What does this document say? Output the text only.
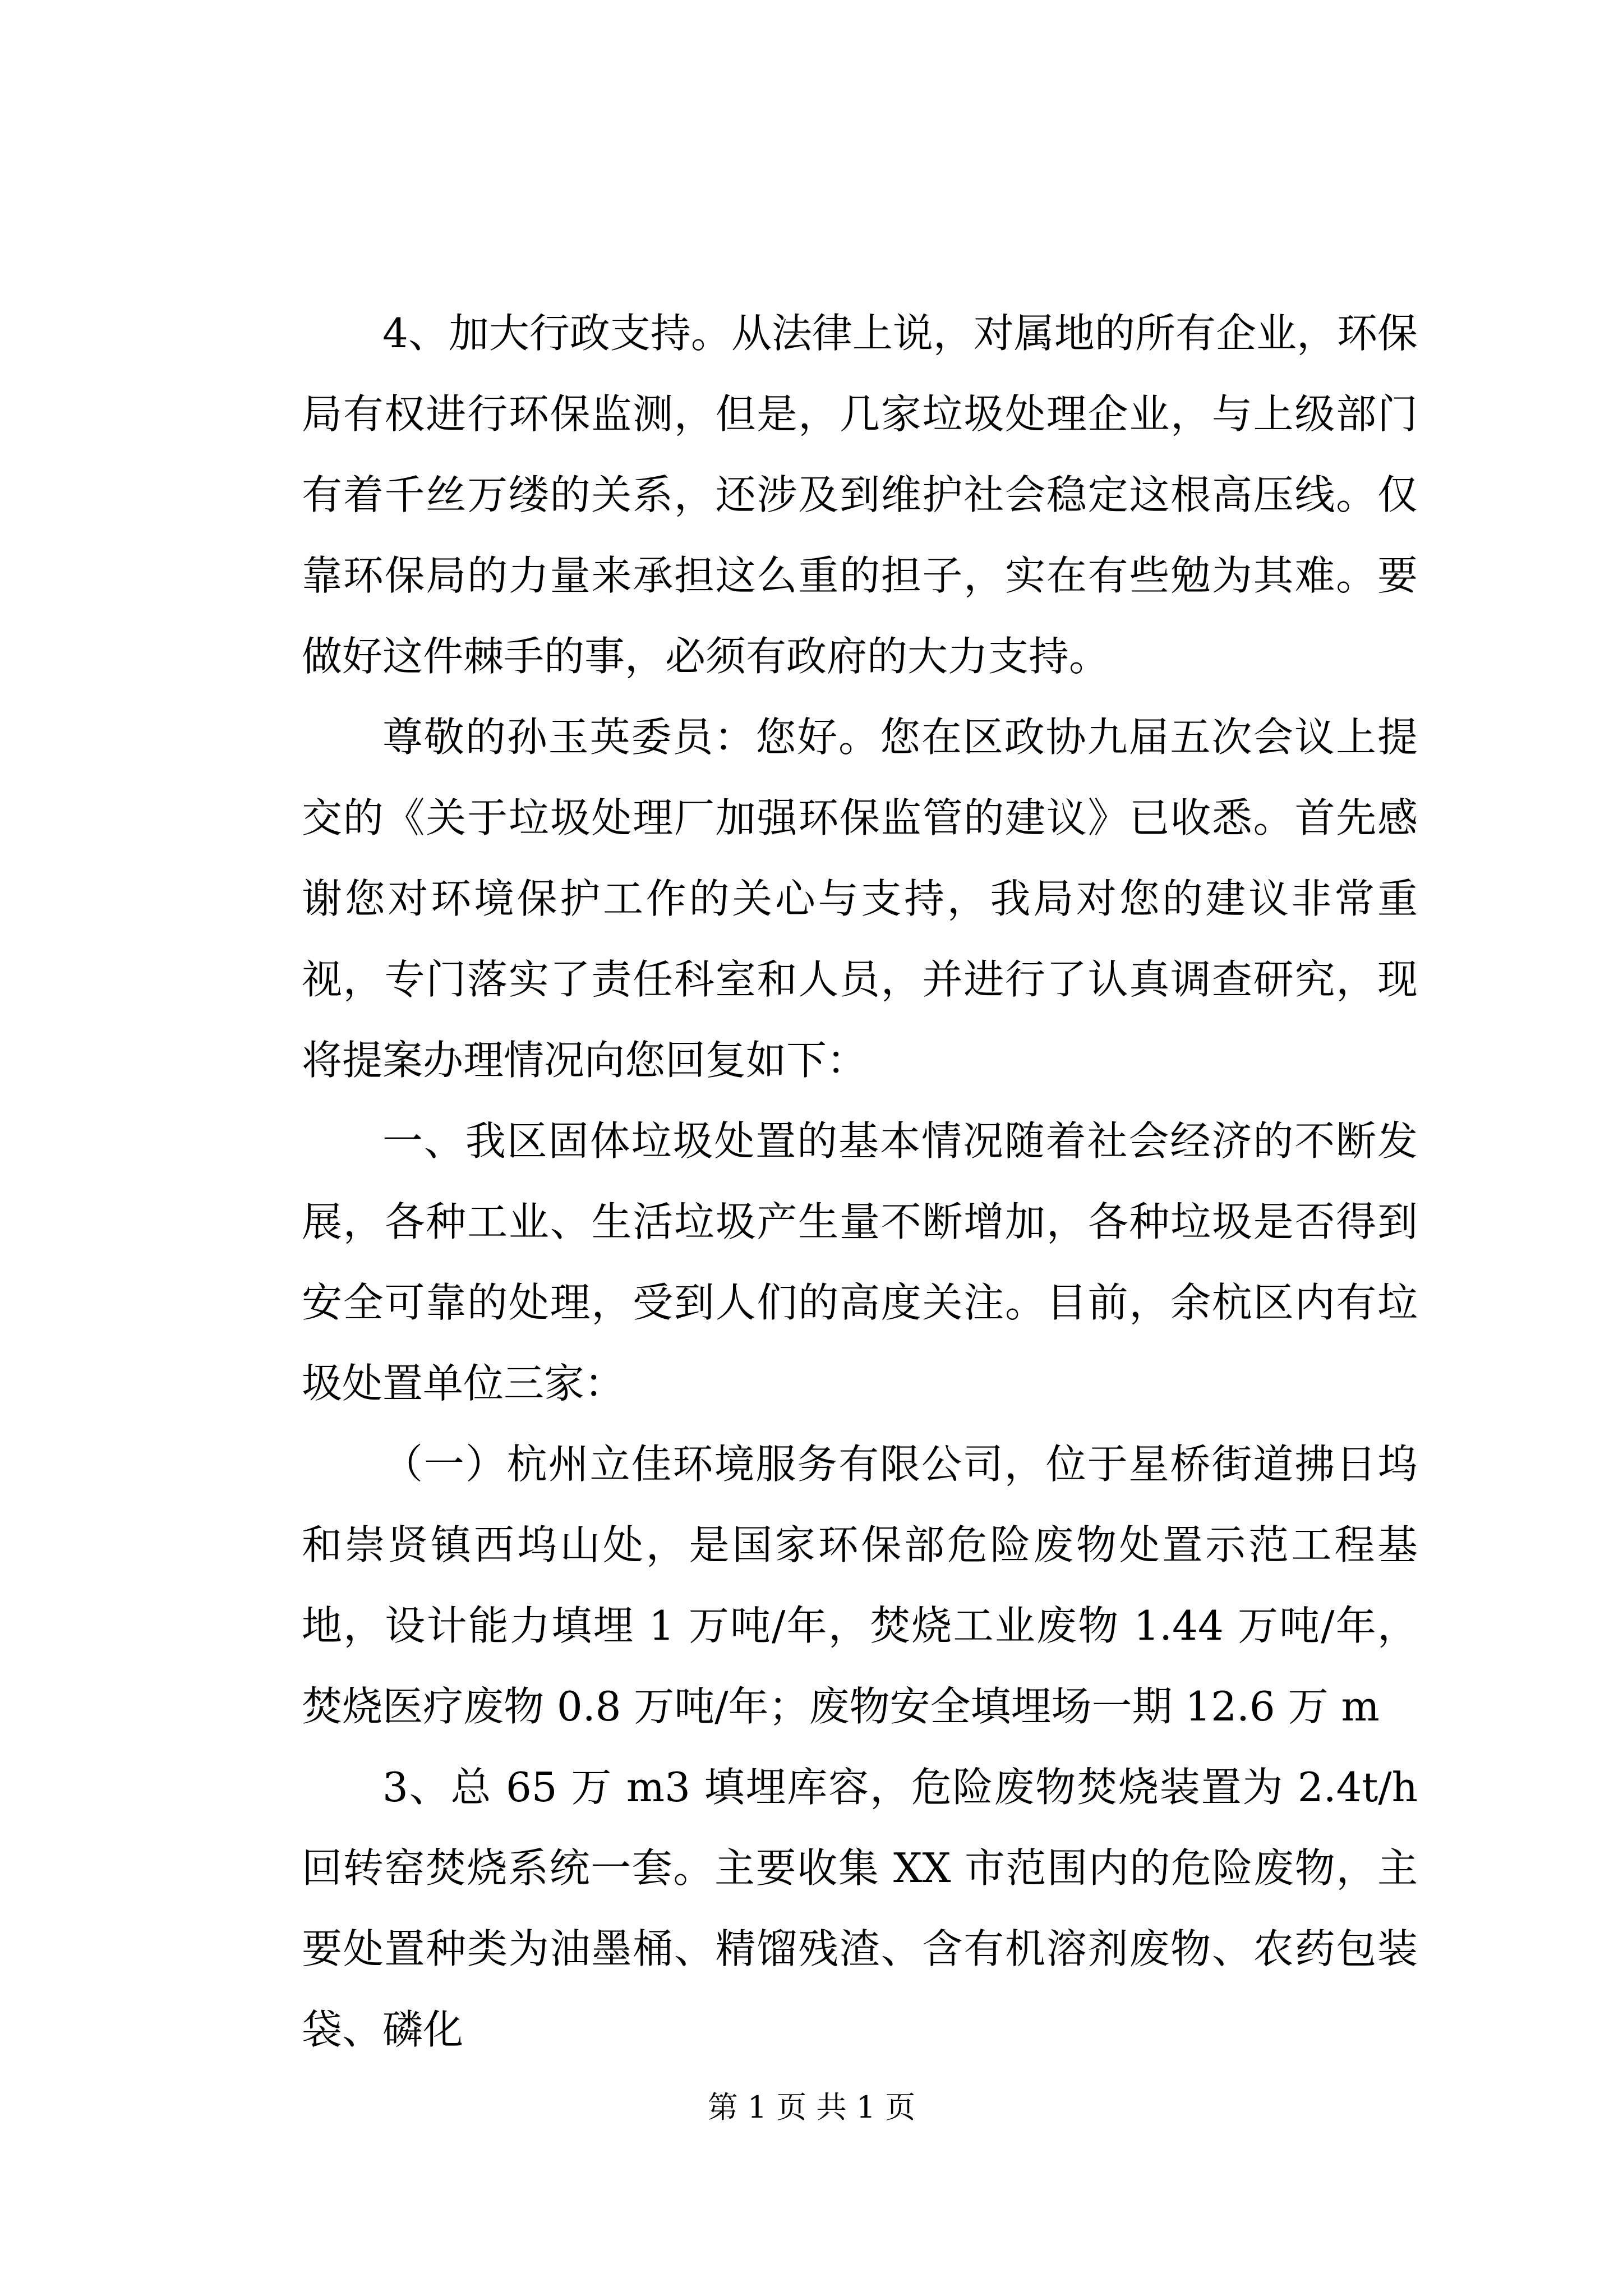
4、加大行政支持。从法律上说，对属地的所有企业，环保局有权进行环保监测，但是，几家垃圾处理企业，与上级部门有着千丝万缕的关系，还涉及到维护社会稳定这根高压线。仅靠环保局的力量来承担这么重的担子，实在有些勉为其难。要做好这件棘手的事，必须有政府的大力支持。

尊敬的孙玉英委员：您好。您在区政协九届五次会议上提交的《关于垃圾处理厂加强环保监管的建议》已收悉。首先感谢您对环境保护工作的关心与支持，我局对您的建议非常重视，专门落实了责任科室和人员，并进行了认真调查研究，现将提案办理情况向您回复如下：

一、我区固体垃圾处置的基本情况随着社会经济的不断发展，各种工业、生活垃圾产生量不断增加，各种垃圾是否得到安全可靠的处理，受到人们的高度关注。目前，余杭区内有垃圾处置单位三家：

（一）杭州立佳环境服务有限公司，位于星桥街道拂日坞和崇贤镇西坞山处，是国家环保部危险废物处置示范工程基地，设计能力填埋 1 万吨/年，焚烧工业废物 1.44 万吨/年，焚烧医疗废物 0.8 万吨/年；废物安全填埋场一期 12.6 万 m

3、总 65 万 m3 填埋库容，危险废物焚烧装置为 2.4t/h 回转窑焚烧系统一套。主要收集 XX 市范围内的危险废物，主要处置种类为油墨桶、精馏残渣、含有机溶剂废物、农药包装袋、磷化

第 1 页 共 1 页
